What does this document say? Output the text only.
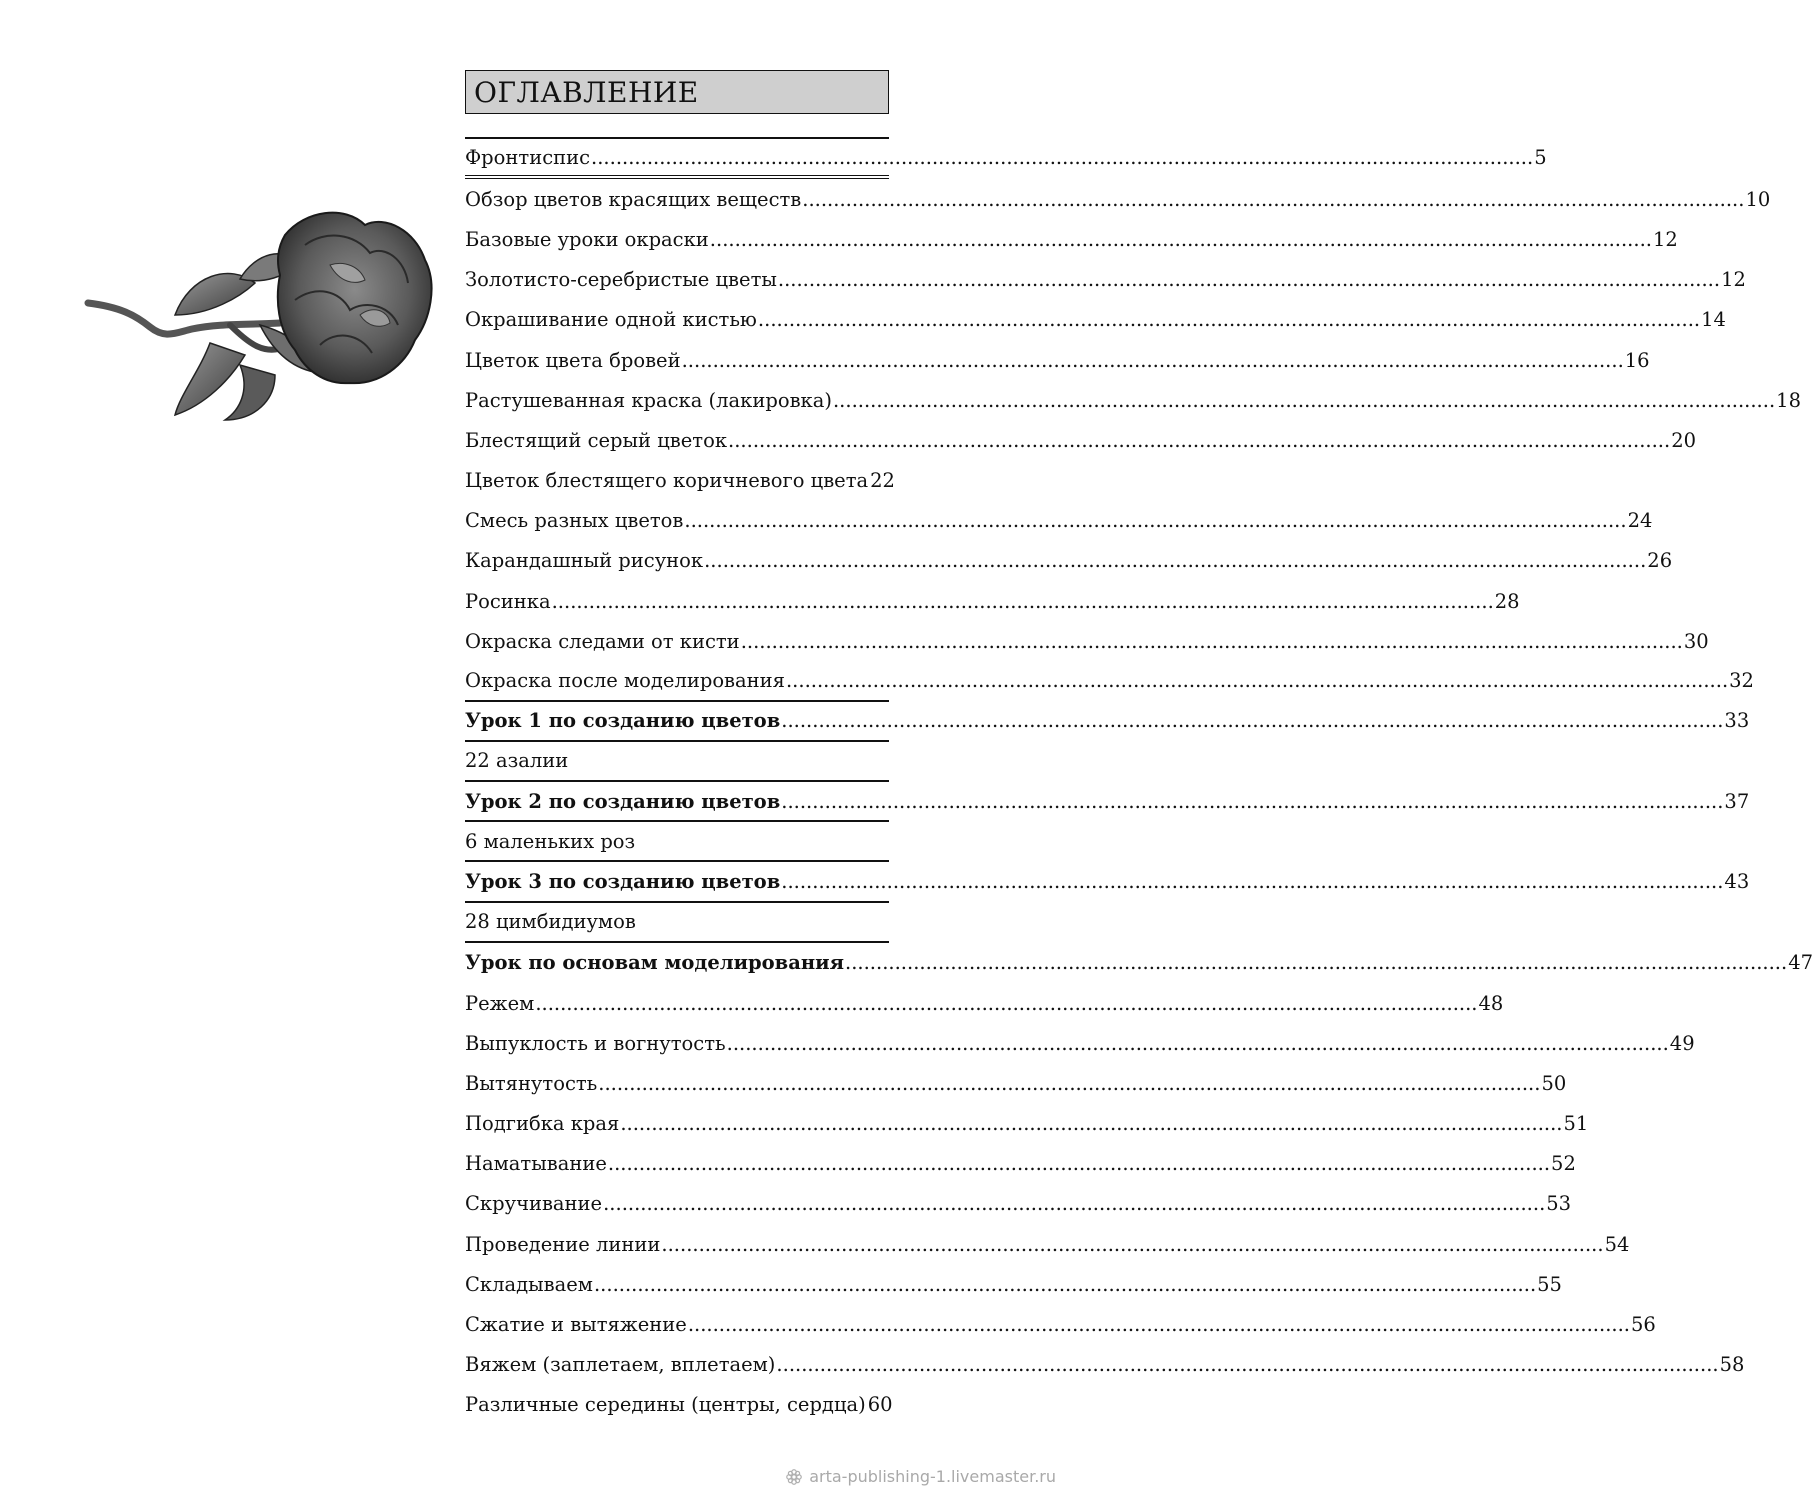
ОГЛАВЛЕНИЕ
Фронтиспис .....	5
Обзор цветов красящих веществ .....	10
Базовые уроки окраски .....	12
Золотисто-серебристые цветы .....	12
Окрашивание одной кистью .....	14
Цветок цвета бровей .....	16
Растушеванная краска (лакировка) .....	18
Блестящий серый цветок .....	20
Цветок блестящего коричневого цвета 22
Смесь разных цветов .....	24
Карандашный рисунок .....	26
Росинка .....	28
Окраска следами от кисти .....	30
Окраска после моделирования .....	32
Урок 1 по созданию цветов .....	33
22 азалии
Урок 2 по созданию цветов .....	37
6 маленьких роз
Урок 3 по созданию цветов .....	43
28 цимбидиумов
Урок по основам моделирования .....	47
Режем .....	48
Выпуклость и вогнутость .....	49
Вытянутость .....	50
Подгибка края .....	51
Наматывание .....	52
Скручивание .....	53
Проведение линии .....	54
Складываем .....	55
Сжатие и вытяжение .....	56
Вяжем (заплетаем, вплетаем) .....	58
Различные середины (центры, сердца) 60
arta-publishing-1.livemaster.ru
